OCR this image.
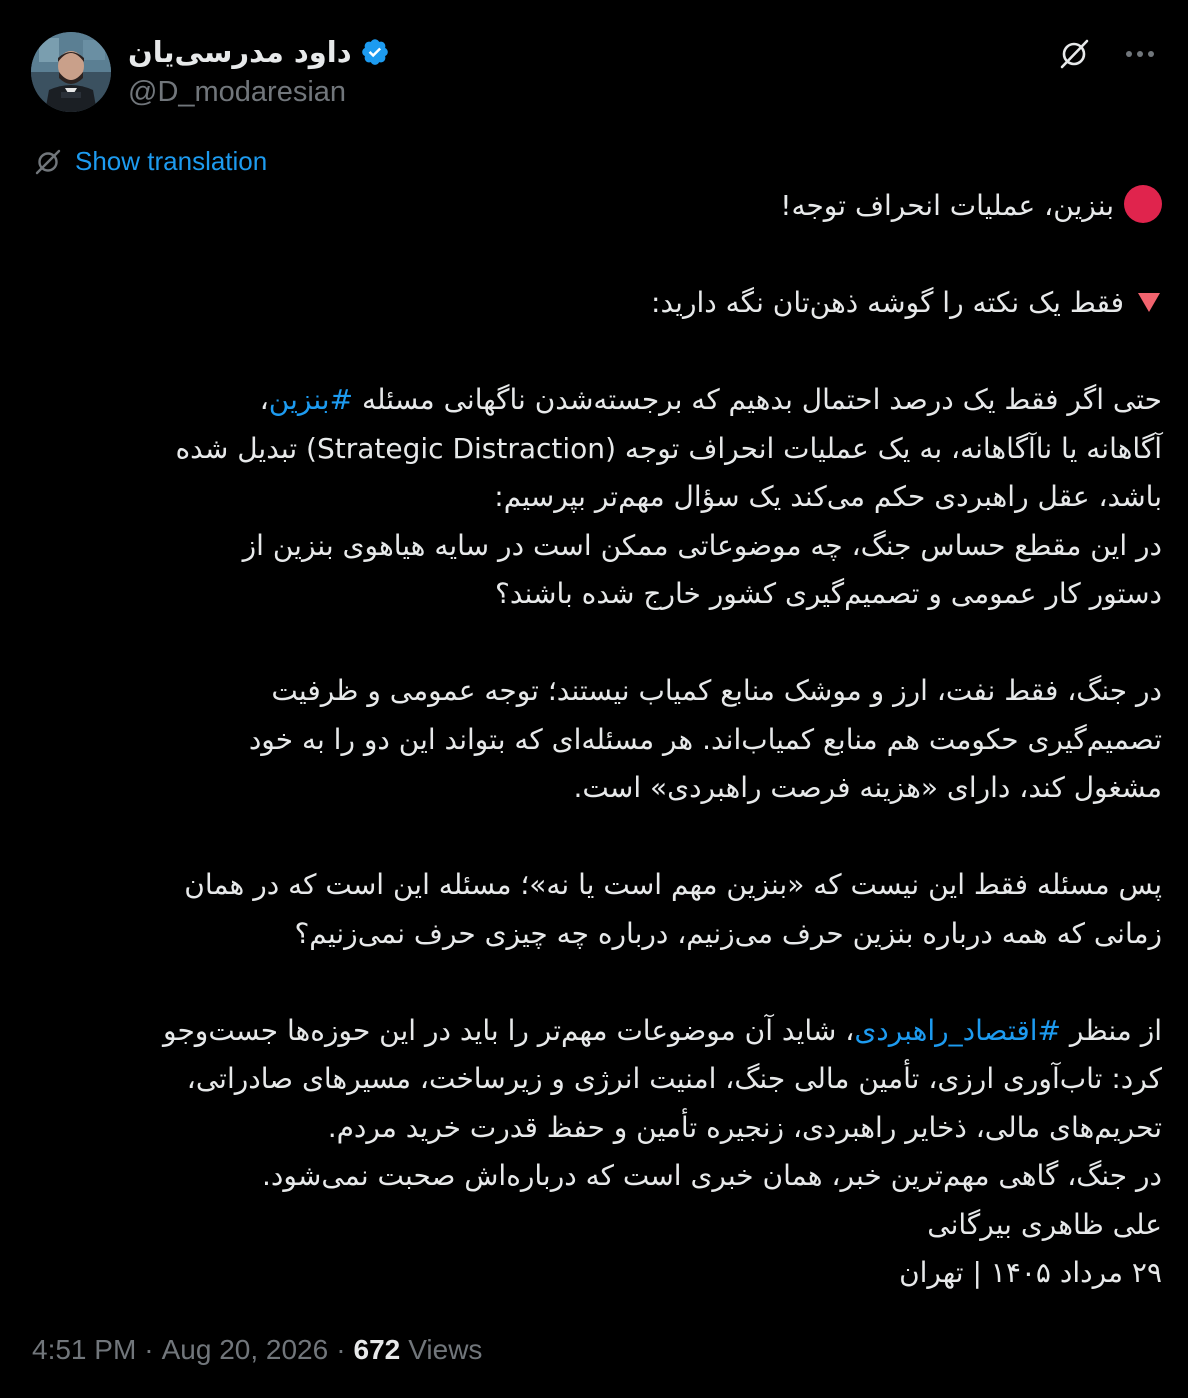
داود مدرسی‌یان
@D_modaresian
Show translation
بنزین، عملیات انحراف توجه!
فقط یک نکته را گوشه ذهن‌تان نگه دارید:
حتی اگر فقط یک درصد احتمال بدهیم که برجسته‌شدن ناگهانی مسئله #بنزین،
آگاهانه یا ناآگاهانه، به یک عملیات انحراف توجه (Strategic Distraction) تبدیل شده
باشد، عقل راهبردی حکم می‌کند یک سؤال مهم‌تر بپرسیم:
در این مقطع حساس جنگ، چه موضوعاتی ممکن است در سایه هیاهوی بنزین از
دستور کار عمومی و تصمیم‌گیری کشور خارج شده باشند؟
در جنگ، فقط نفت، ارز و موشک منابع کمیاب نیستند؛ توجه عمومی و ظرفیت
تصمیم‌گیری حکومت هم منابع کمیاب‌اند. هر مسئله‌ای که بتواند این دو را به خود
مشغول کند، دارای «هزینه فرصت راهبردی» است.
پس مسئله فقط این نیست که «بنزین مهم است یا نه»؛ مسئله این است که در همان
زمانی که همه درباره بنزین حرف می‌زنیم، درباره چه چیزی حرف نمی‌زنیم؟
از منظر #اقتصاد_راهبردی، شاید آن موضوعات مهم‌تر را باید در این حوزه‌ها جست‌وجو
کرد: تاب‌آوری ارزی، تأمین مالی جنگ، امنیت انرژی و زیرساخت، مسیرهای صادراتی،
تحریم‌های مالی، ذخایر راهبردی، زنجیره تأمین و حفظ قدرت خرید مردم.
در جنگ، گاهی مهم‌ترین خبر، همان خبری است که درباره‌اش صحبت نمی‌شود.
علی ظاهری بیرگانی
۲۹ مرداد ۱۴۰۵ | تهران
4:51 PM · Aug 20, 2026 · 672 Views
